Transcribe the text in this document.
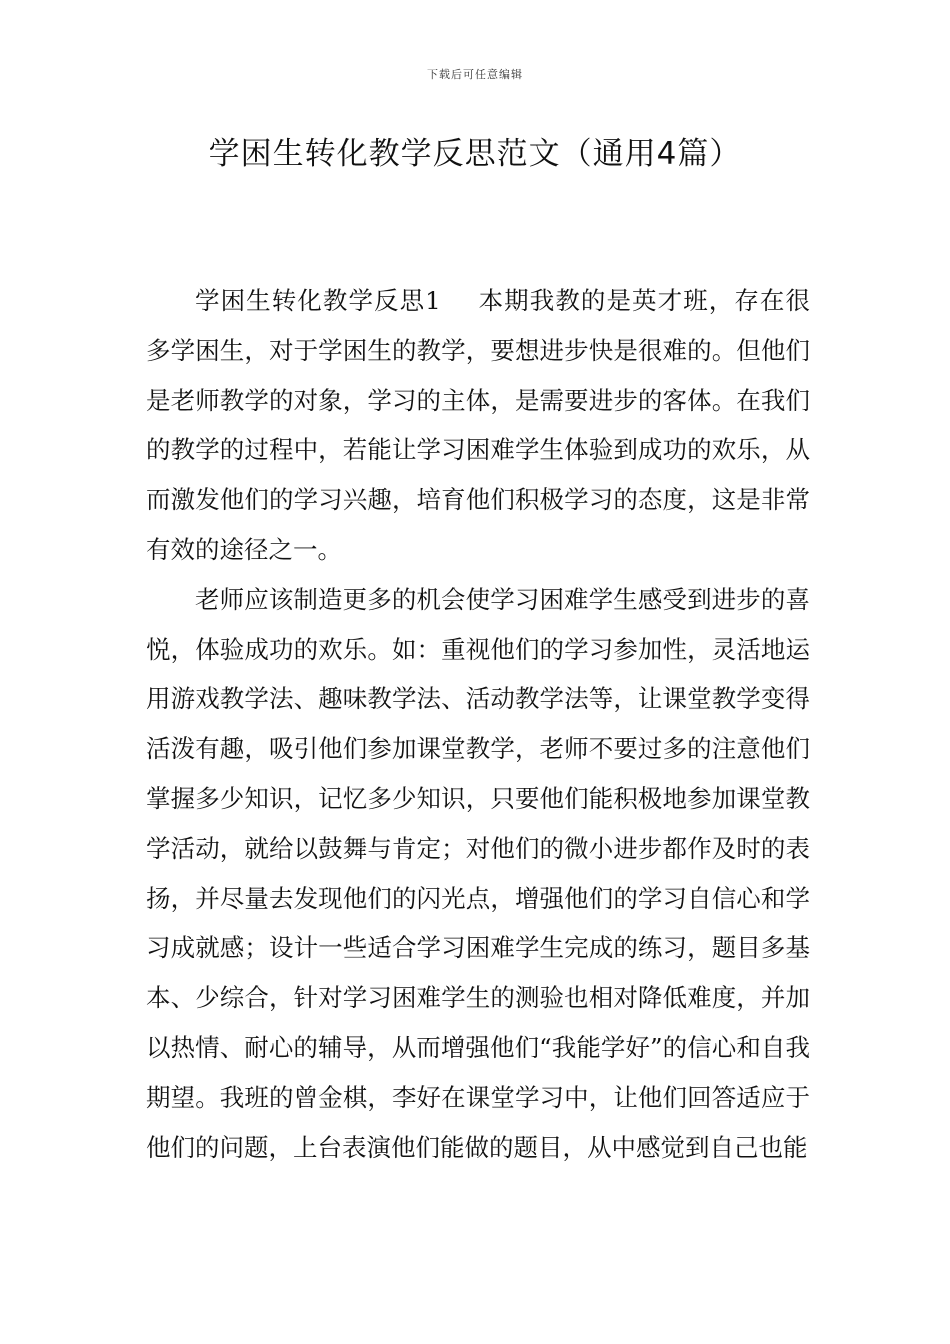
下载后可任意编辑
学困生转化教学反思范文（通用4篇）

学困生转化教学反思1 本期我教的是英才班，存在很多学困生，对于学困生的教学，要想进步快是很难的。但他们是老师教学的对象，学习的主体，是需要进步的客体。在我们的教学的过程中，若能让学习困难学生体验到成功的欢乐，从而激发他们的学习兴趣，培育他们积极学习的态度，这是非常有效的途径之一。

老师应该制造更多的机会使学习困难学生感受到进步的喜悦，体验成功的欢乐。如：重视他们的学习参加性，灵活地运用游戏教学法、趣味教学法、活动教学法等，让课堂教学变得活泼有趣，吸引他们参加课堂教学，老师不要过多的注意他们掌握多少知识，记忆多少知识，只要他们能积极地参加课堂教学活动，就给以鼓舞与肯定；对他们的微小进步都作及时的表扬，并尽量去发现他们的闪光点，增强他们的学习自信心和学习成就感；设计一些适合学习困难学生完成的练习，题目多基本、少综合，针对学习困难学生的测验也相对降低难度，并加以热情、耐心的辅导，从而增强他们“我能学好”的信心和自我期望。我班的曾金棋，李好在课堂学习中，让他们回答适应于他们的问题，上台表演他们能做的题目，从中感觉到自己也能
